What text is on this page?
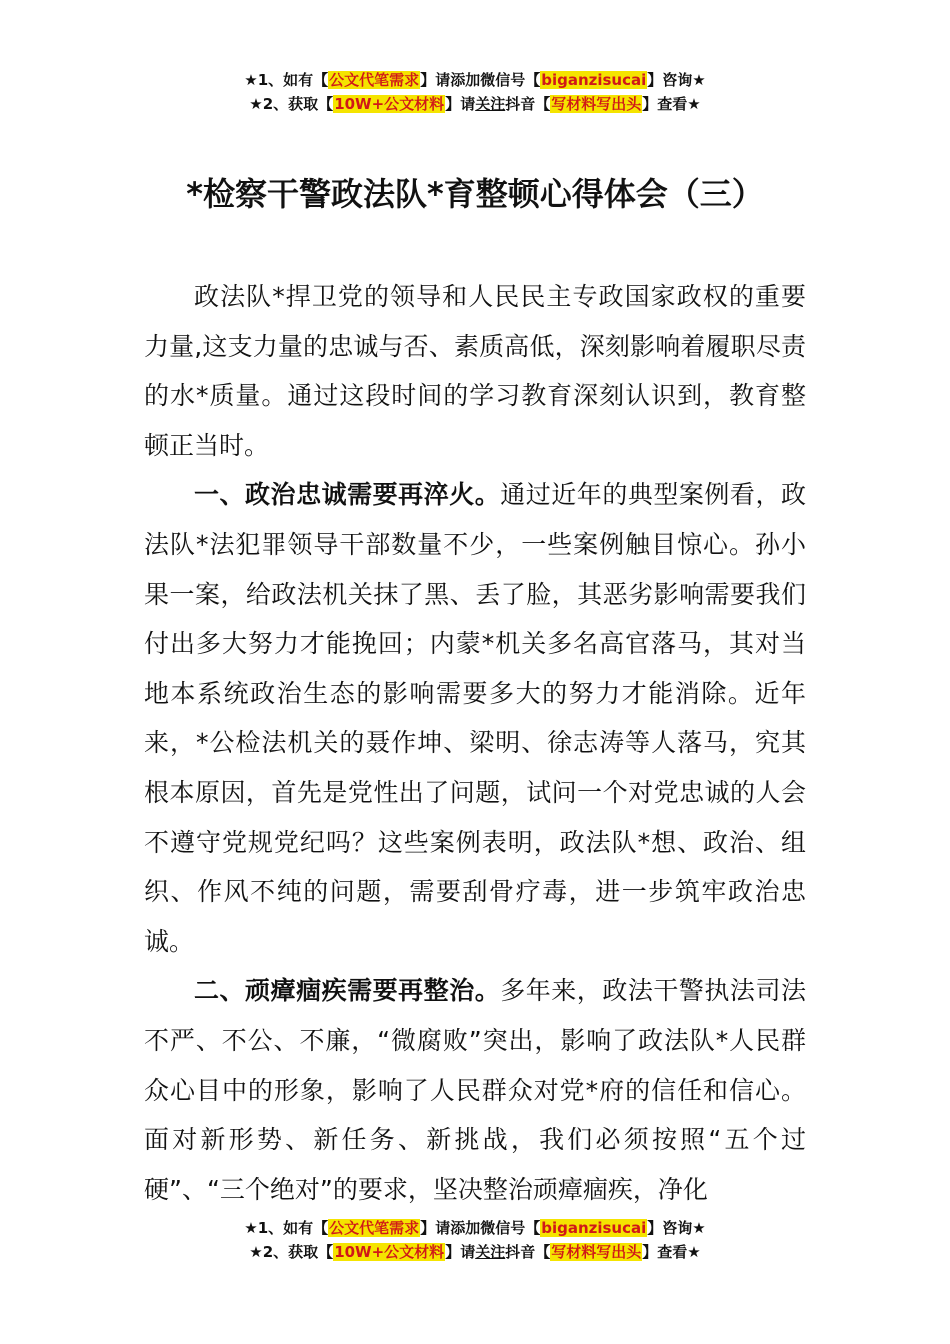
★1、如有【公文代笔需求】请添加微信号【biganzisucai】咨询★
★2、获取【10W+公文材料】请关注抖音【写材料写出头】查看★
*检察干警政法队*育整顿心得体会（三）

政法队*捍卫党的领导和人民民主专政国家政权的重要力量,这支力量的忠诚与否、素质高低，深刻影响着履职尽责的水*质量。通过这段时间的学习教育深刻认识到，教育整顿正当时。

一、政治忠诚需要再淬火。通过近年的典型案例看，政法队*法犯罪领导干部数量不少，一些案例触目惊心。孙小果一案，给政法机关抹了黑、丢了脸，其恶劣影响需要我们付出多大努力才能挽回；内蒙*机关多名高官落马，其对当地本系统政治生态的影响需要多大的努力才能消除。近年来，*公检法机关的聂作坤、梁明、徐志涛等人落马，究其根本原因，首先是党性出了问题，试问一个对党忠诚的人会不遵守党规党纪吗？这些案例表明，政法队*想、政治、组织、作风不纯的问题，需要刮骨疗毒，进一步筑牢政治忠诚。

二、顽瘴痼疾需要再整治。多年来，政法干警执法司法不严、不公、不廉，“微腐败”突出，影响了政法队*人民群众心目中的形象，影响了人民群众对党*府的信任和信心。面对新形势、新任务、新挑战，我们必须按照“五个过硬”、“三个绝对”的要求，坚决整治顽瘴痼疾，净化

★1、如有【公文代笔需求】请添加微信号【biganzisucai】咨询★
★2、获取【10W+公文材料】请关注抖音【写材料写出头】查看★
